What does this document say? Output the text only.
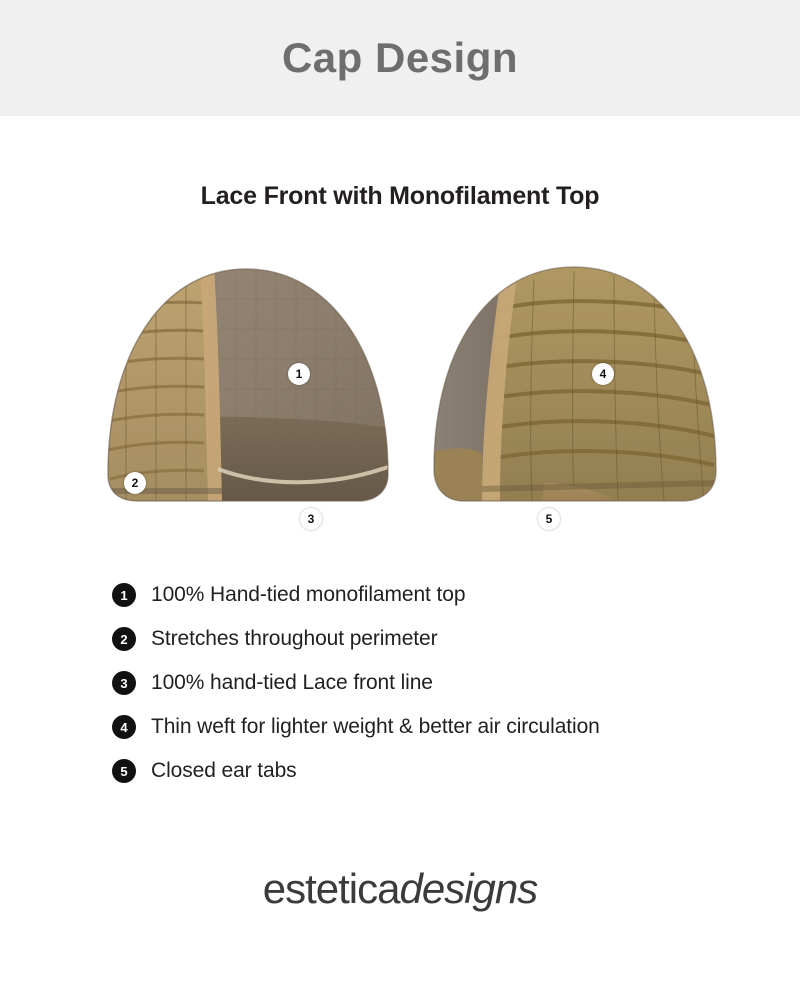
Cap Design
Lace Front with Monofilament Top
1
2
3
4
5
1	100% Hand-tied monofilament top
2	Stretches throughout perimeter
3	100% hand-tied Lace front line
4	Thin weft for lighter weight & better air circulation
5	Closed ear tabs
esteticadesigns
